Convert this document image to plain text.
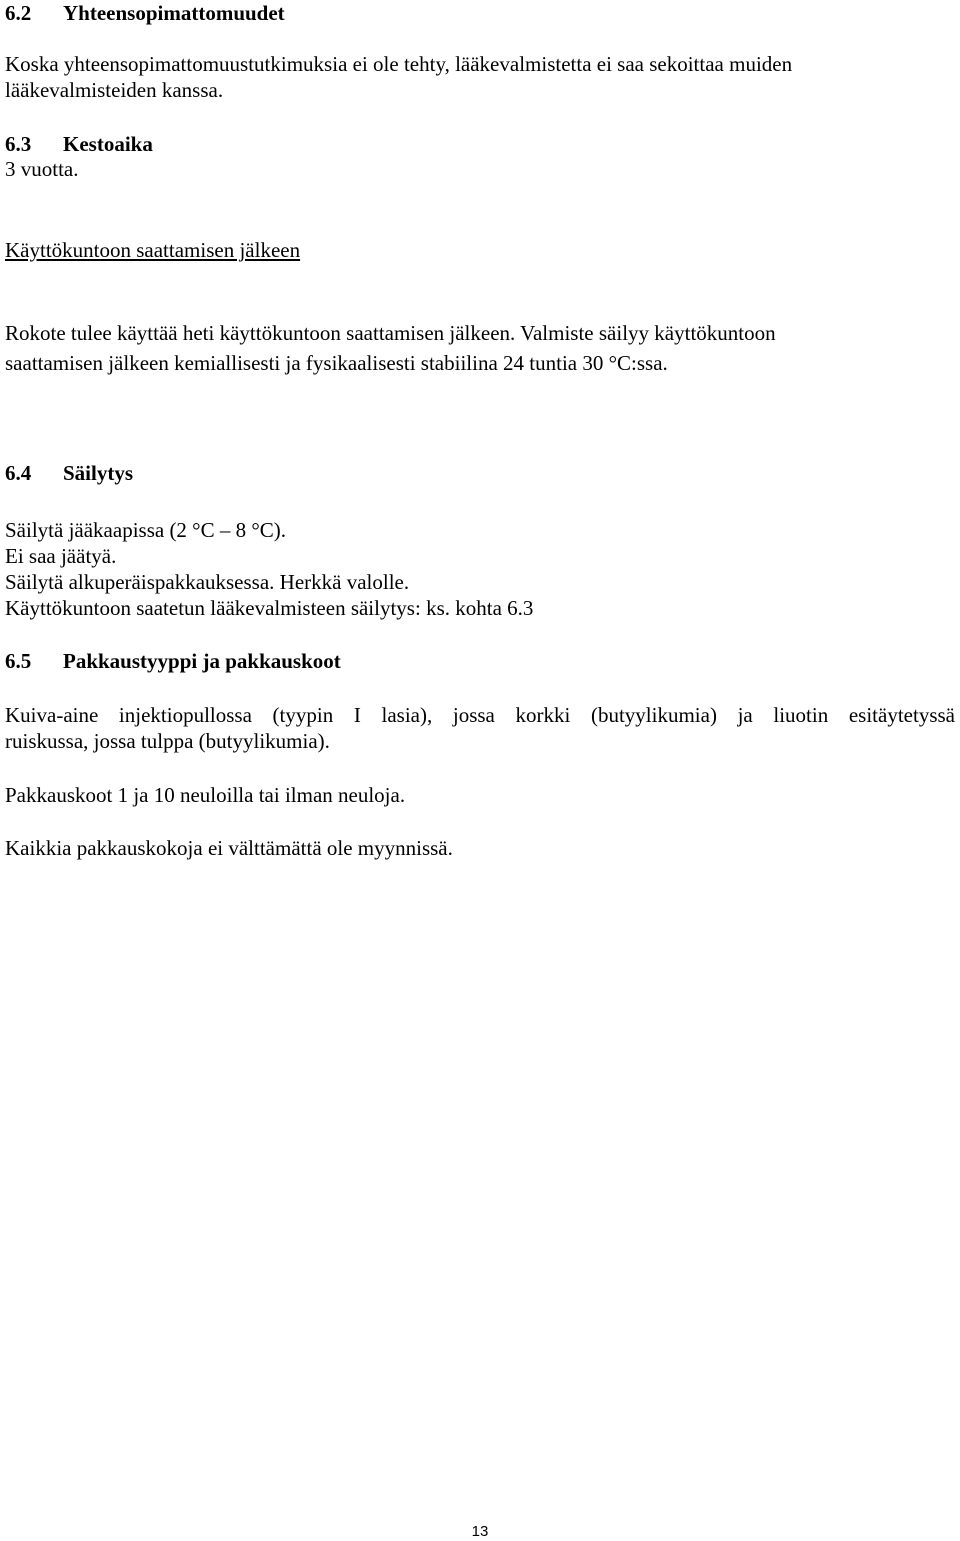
6.2 Yhteensopimattomuudet

Koska yhteensopimattomuustutkimuksia ei ole tehty, lääkevalmistetta ei saa sekoittaa muiden

lääkevalmisteiden kanssa.

6.3 Kestoaika

3 vuotta.

Käyttökuntoon saattamisen jälkeen

Rokote tulee käyttää heti käyttökuntoon saattamisen jälkeen. Valmiste säilyy käyttökuntoon

saattamisen jälkeen kemiallisesti ja fysikaalisesti stabiilina 24 tuntia 30 °C:ssa.

6.4 Säilytys

Säilytä jääkaapissa (2 °C – 8 °C).

Ei saa jäätyä.

Säilytä alkuperäispakkauksessa. Herkkä valolle.

Käyttökuntoon saatetun lääkevalmisteen säilytys: ks. kohta 6.3

6.5 Pakkaustyyppi ja pakkauskoot

Kuiva-aine injektiopullossa (tyypin I lasia), jossa korkki (butyylikumia) ja liuotin esitäytetyssä

ruiskussa, jossa tulppa (butyylikumia).

Pakkauskoot 1 ja 10 neuloilla tai ilman neuloja.

Kaikkia pakkauskokoja ei välttämättä ole myynnissä.

13
